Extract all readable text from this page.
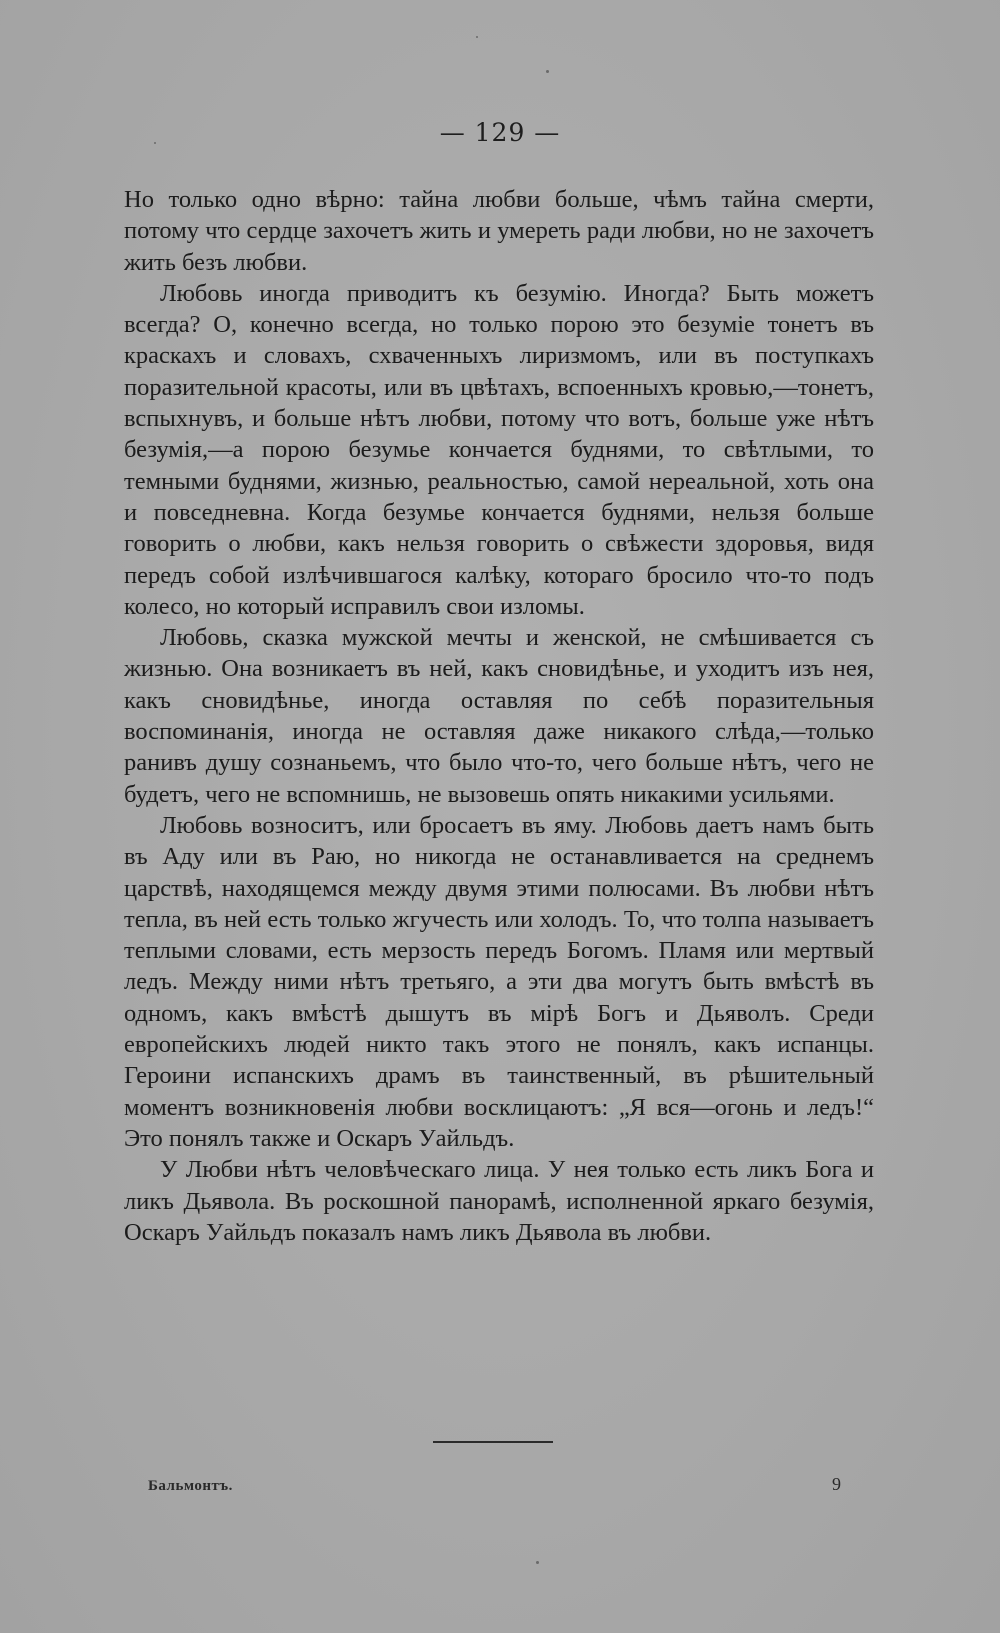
— 129 —

Но только одно вѣрно: тайна любви больше, чѣмъ тайна смерти, потому что сердце захочетъ жить и умереть ради любви, но не захочетъ жить безъ любви.

Любовь иногда приводитъ къ безумію. Иногда? Быть можетъ всегда? О, конечно всегда, но только порою это безуміе тонетъ въ краскахъ и словахъ, схваченныхъ лиризмомъ, или въ поступкахъ поразительной красоты, или въ цвѣтахъ, вспоенныхъ кровью,—тонетъ, вспыхнувъ, и больше нѣтъ любви, потому что вотъ, больше уже нѣтъ безумія,—а порою безумье кончается буднями, то свѣтлыми, то темными буднями, жизнью, реальностью, самой нереальной, хоть она и повседневна. Когда безумье кончается буднями, нельзя больше говорить о любви, какъ нельзя говорить о свѣжести здоровья, видя передъ собой излѣчившагося калѣку, котораго бросило что-то подъ колесо, но который исправилъ свои изломы.

Любовь, сказка мужской мечты и женской, не смѣшивается съ жизнью. Она возникаетъ въ ней, какъ сновидѣнье, и уходитъ изъ нея, какъ сновидѣнье, иногда оставляя по себѣ поразительныя воспоминанія, иногда не оставляя даже никакого слѣда,—только ранивъ душу сознаньемъ, что было что-то, чего больше нѣтъ, чего не будетъ, чего не вспомнишь, не вызовешь опять никакими усильями.

Любовь возноситъ, или бросаетъ въ яму. Любовь даетъ намъ быть въ Аду или въ Раю, но никогда не останавливается на среднемъ царствѣ, находящемся между двумя этими полюсами. Въ любви нѣтъ тепла, въ ней есть только жгучесть или холодъ. То, что толпа называетъ теплыми словами, есть мерзость передъ Богомъ. Пламя или мертвый ледъ. Между ними нѣтъ третьяго, а эти два могутъ быть вмѣстѣ въ одномъ, какъ вмѣстѣ дышутъ въ мірѣ Богъ и Дьяволъ. Среди европейскихъ людей никто такъ этого не понялъ, какъ испанцы. Героини испанскихъ драмъ въ таинственный, въ рѣшительный моментъ возникновенія любви восклицаютъ: „Я вся—огонь и ледъ!“ Это понялъ также и Оскаръ Уайльдъ.

У Любви нѣтъ человѣческаго лица. У нея только есть ликъ Бога и ликъ Дьявола. Въ роскошной панорамѣ, исполненной яркаго безумія, Оскаръ Уайльдъ показалъ намъ ликъ Дьявола въ любви.

Бальмонтъ.	9
